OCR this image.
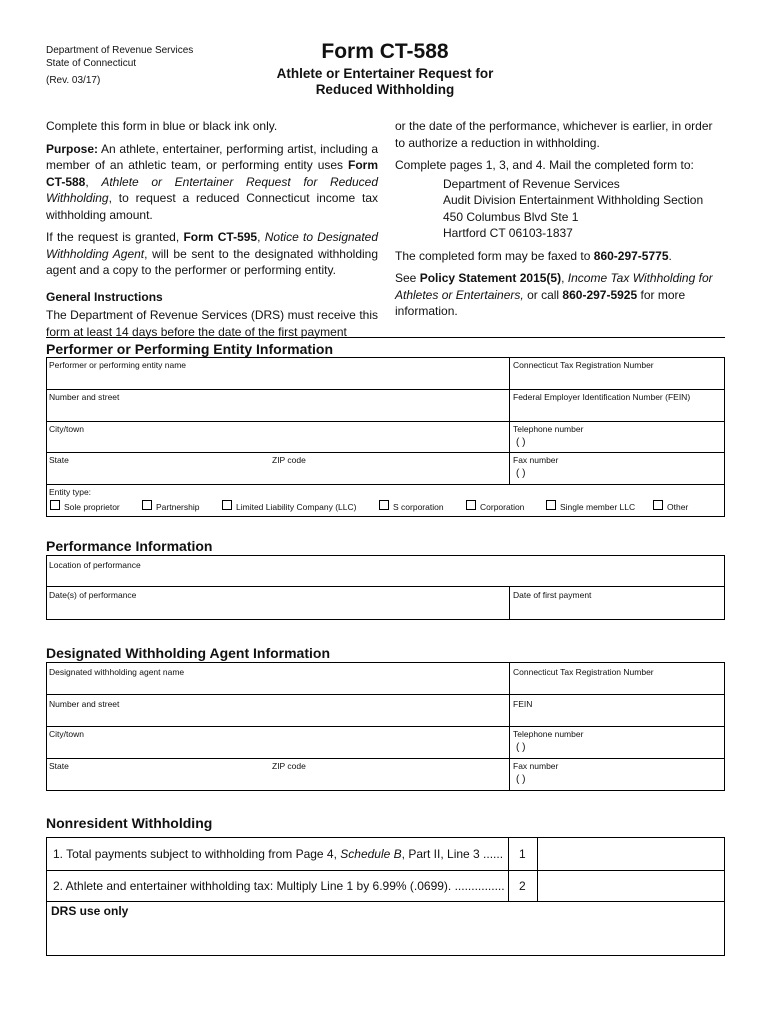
Department of Revenue Services
State of Connecticut
(Rev. 03/17)
Form CT-588
Athlete or Entertainer Request for
Reduced Withholding

Complete this form in blue or black ink only.

Purpose: An athlete, entertainer, performing artist, including a member of an athletic team, or performing entity uses Form CT-588, Athlete or Entertainer Request for Reduced Withholding, to request a reduced Connecticut income tax withholding amount.

If the request is granted, Form CT-595, Notice to Designated Withholding Agent, will be sent to the designated withholding agent and a copy to the performer or performing entity.

General Instructions

The Department of Revenue Services (DRS) must receive this form at least 14 days before the date of the first payment

or the date of the performance, whichever is earlier, in order to authorize a reduction in withholding.

Complete pages 1, 3, and 4. Mail the completed form to:

Department of Revenue Services
Audit Division Entertainment Withholding Section
450 Columbus Blvd Ste 1
Hartford CT 06103-1837

The completed form may be faxed to 860-297-5775.

See Policy Statement 2015(5), Income Tax Withholding for Athletes or Entertainers, or call 860-297-5925 for more information.

Performer or Performing Entity Information
Performer or performing entity name	Connecticut Tax Registration Number
Number and street	Federal Employer Identification Number (FEIN)
City/town	Telephone number
( )
State	ZIP code	Fax number
( )
Entity type:
Sole proprietor	Partnership	Limited Liability Company (LLC)	S corporation	Corporation	Single member LLC	Other
Performance Information
Location of performance
Date(s) of performance	Date of first payment
Designated Withholding Agent Information
Designated withholding agent name	Connecticut Tax Registration Number
Number and street	FEIN
City/town	Telephone number
( )
State	ZIP code	Fax number
( )
Nonresident Withholding
1. Total payments subject to withholding from Page 4, Schedule B, Part II, Line 3 ...... 1
2. Athlete and entertainer withholding tax: Multiply Line 1 by 6.99% (.0699). ............... 2
DRS use only
